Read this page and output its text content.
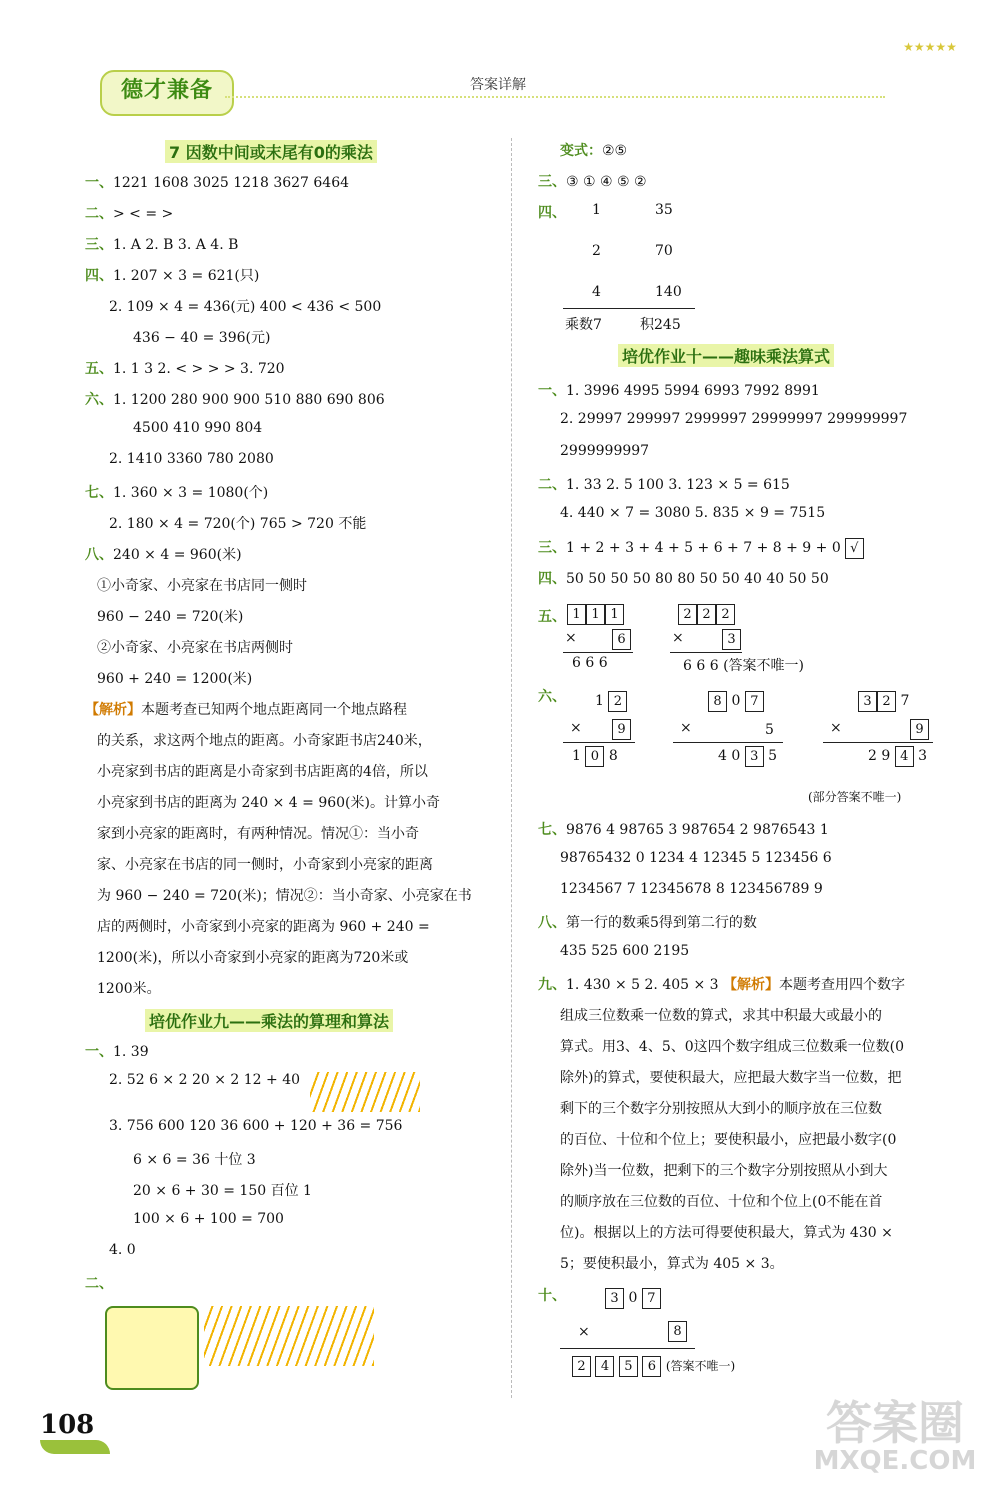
德才兼备	答案详解
★★★★★
7 因数中间或末尾有0的乘法
一、1221 1608 3025 1218 3627 6464
二、> < = >
三、1. A 2. B 3. A 4. B
四、1. 207 × 3 = 621(只)
2. 109 × 4 = 436(元) 400 < 436 < 500
436 − 40 = 396(元)
五、1. 1 3 2. < > > > 3. 720
六、1. 1200 280 900 900 510 880 690 806
4500 410 990 804
2. 1410 3360 780 2080
七、1. 360 × 3 = 1080(个)
2. 180 × 4 = 720(个) 765 > 720 不能
八、240 × 4 = 960(米)
①小奇家、小亮家在书店同一侧时
960 − 240 = 720(米)
②小奇家、小亮家在书店两侧时
960 + 240 = 1200(米)
【解析】本题考查已知两个地点距离同一个地点路程
的关系，求这两个地点的距离。小奇家距书店240米，
小亮家到书店的距离是小奇家到书店距离的4倍，所以
小亮家到书店的距离为 240 × 4 = 960(米)。计算小奇
家到小亮家的距离时，有两种情况。情况①：当小奇
家、小亮家在书店的同一侧时，小奇家到小亮家的距离
为 960 − 240 = 720(米)；情况②：当小奇家、小亮家在书
店的两侧时，小奇家到小亮家的距离为 960 + 240 =
1200(米)，所以小奇家到小亮家的距离为720米或
1200米。
培优作业九——乘法的算理和算法
一、1. 39
2. 52 6 × 2 20 × 2 12 + 40
3. 756 600 120 36 600 + 120 + 36 = 756
6 × 6 = 36 十位 3
20 × 6 + 30 = 150 百位 1
100 × 6 + 100 = 700
4. 0
二、

变式：②⑤
三、③ ① ④ ⑤ ②
四、 1	35
2	70
4	140
乘数7	积245
培优作业十——趣味乘法算式
一、1. 3996 4995 5994 6993 7992 8991
2. 29997 299997 2999997 29999997 299999997
2999999997
二、1. 33 2. 5 100 3. 123 × 5 = 615
4. 440 × 7 = 3080 5. 835 × 9 = 7515
三、1 + 2 + 3 + 4 + 5 + 6 + 7 + 8 + 9 + 0 √
四、50 50 50 50 80 80 50 50 40 40 50 50
五、 1 1 1
×	6
6 6 6
2 2 2
×	3
6 6 6 (答案不唯一)
六、 1 2
×	9
1 0 8
8 0 7
×	5
4 0 3 5
3 2 7
×	9
2 9 4 3
(部分答案不唯一)
七、9876 4 98765 3 987654 2 9876543 1
98765432 0 1234 4 12345 5 123456 6
1234567 7 12345678 8 123456789 9
八、第一行的数乘5得到第二行的数
435 525 600 2195
九、1. 430 × 5 2. 405 × 3 【解析】本题考查用四个数字
组成三位数乘一位数的算式，求其中积最大或最小的
算式。用3、4、5、0这四个数字组成三位数乘一位数(0
除外)的算式，要使积最大，应把最大数字当一位数，把
剩下的三个数字分别按照从大到小的顺序放在三位数
的百位、十位和个位上；要使积最小，应把最小数字(0
除外)当一位数，把剩下的三个数字分别按照从小到大
的顺序放在三位数的百位、十位和个位上(0不能在首
位)。根据以上的方法可得要使积最大，算式为 430 ×
5；要使积最小，算式为 405 × 3。
十、	3 0 7
×	8
2 4 5 6 (答案不唯一)
108	答案圈
MXQE.COM
